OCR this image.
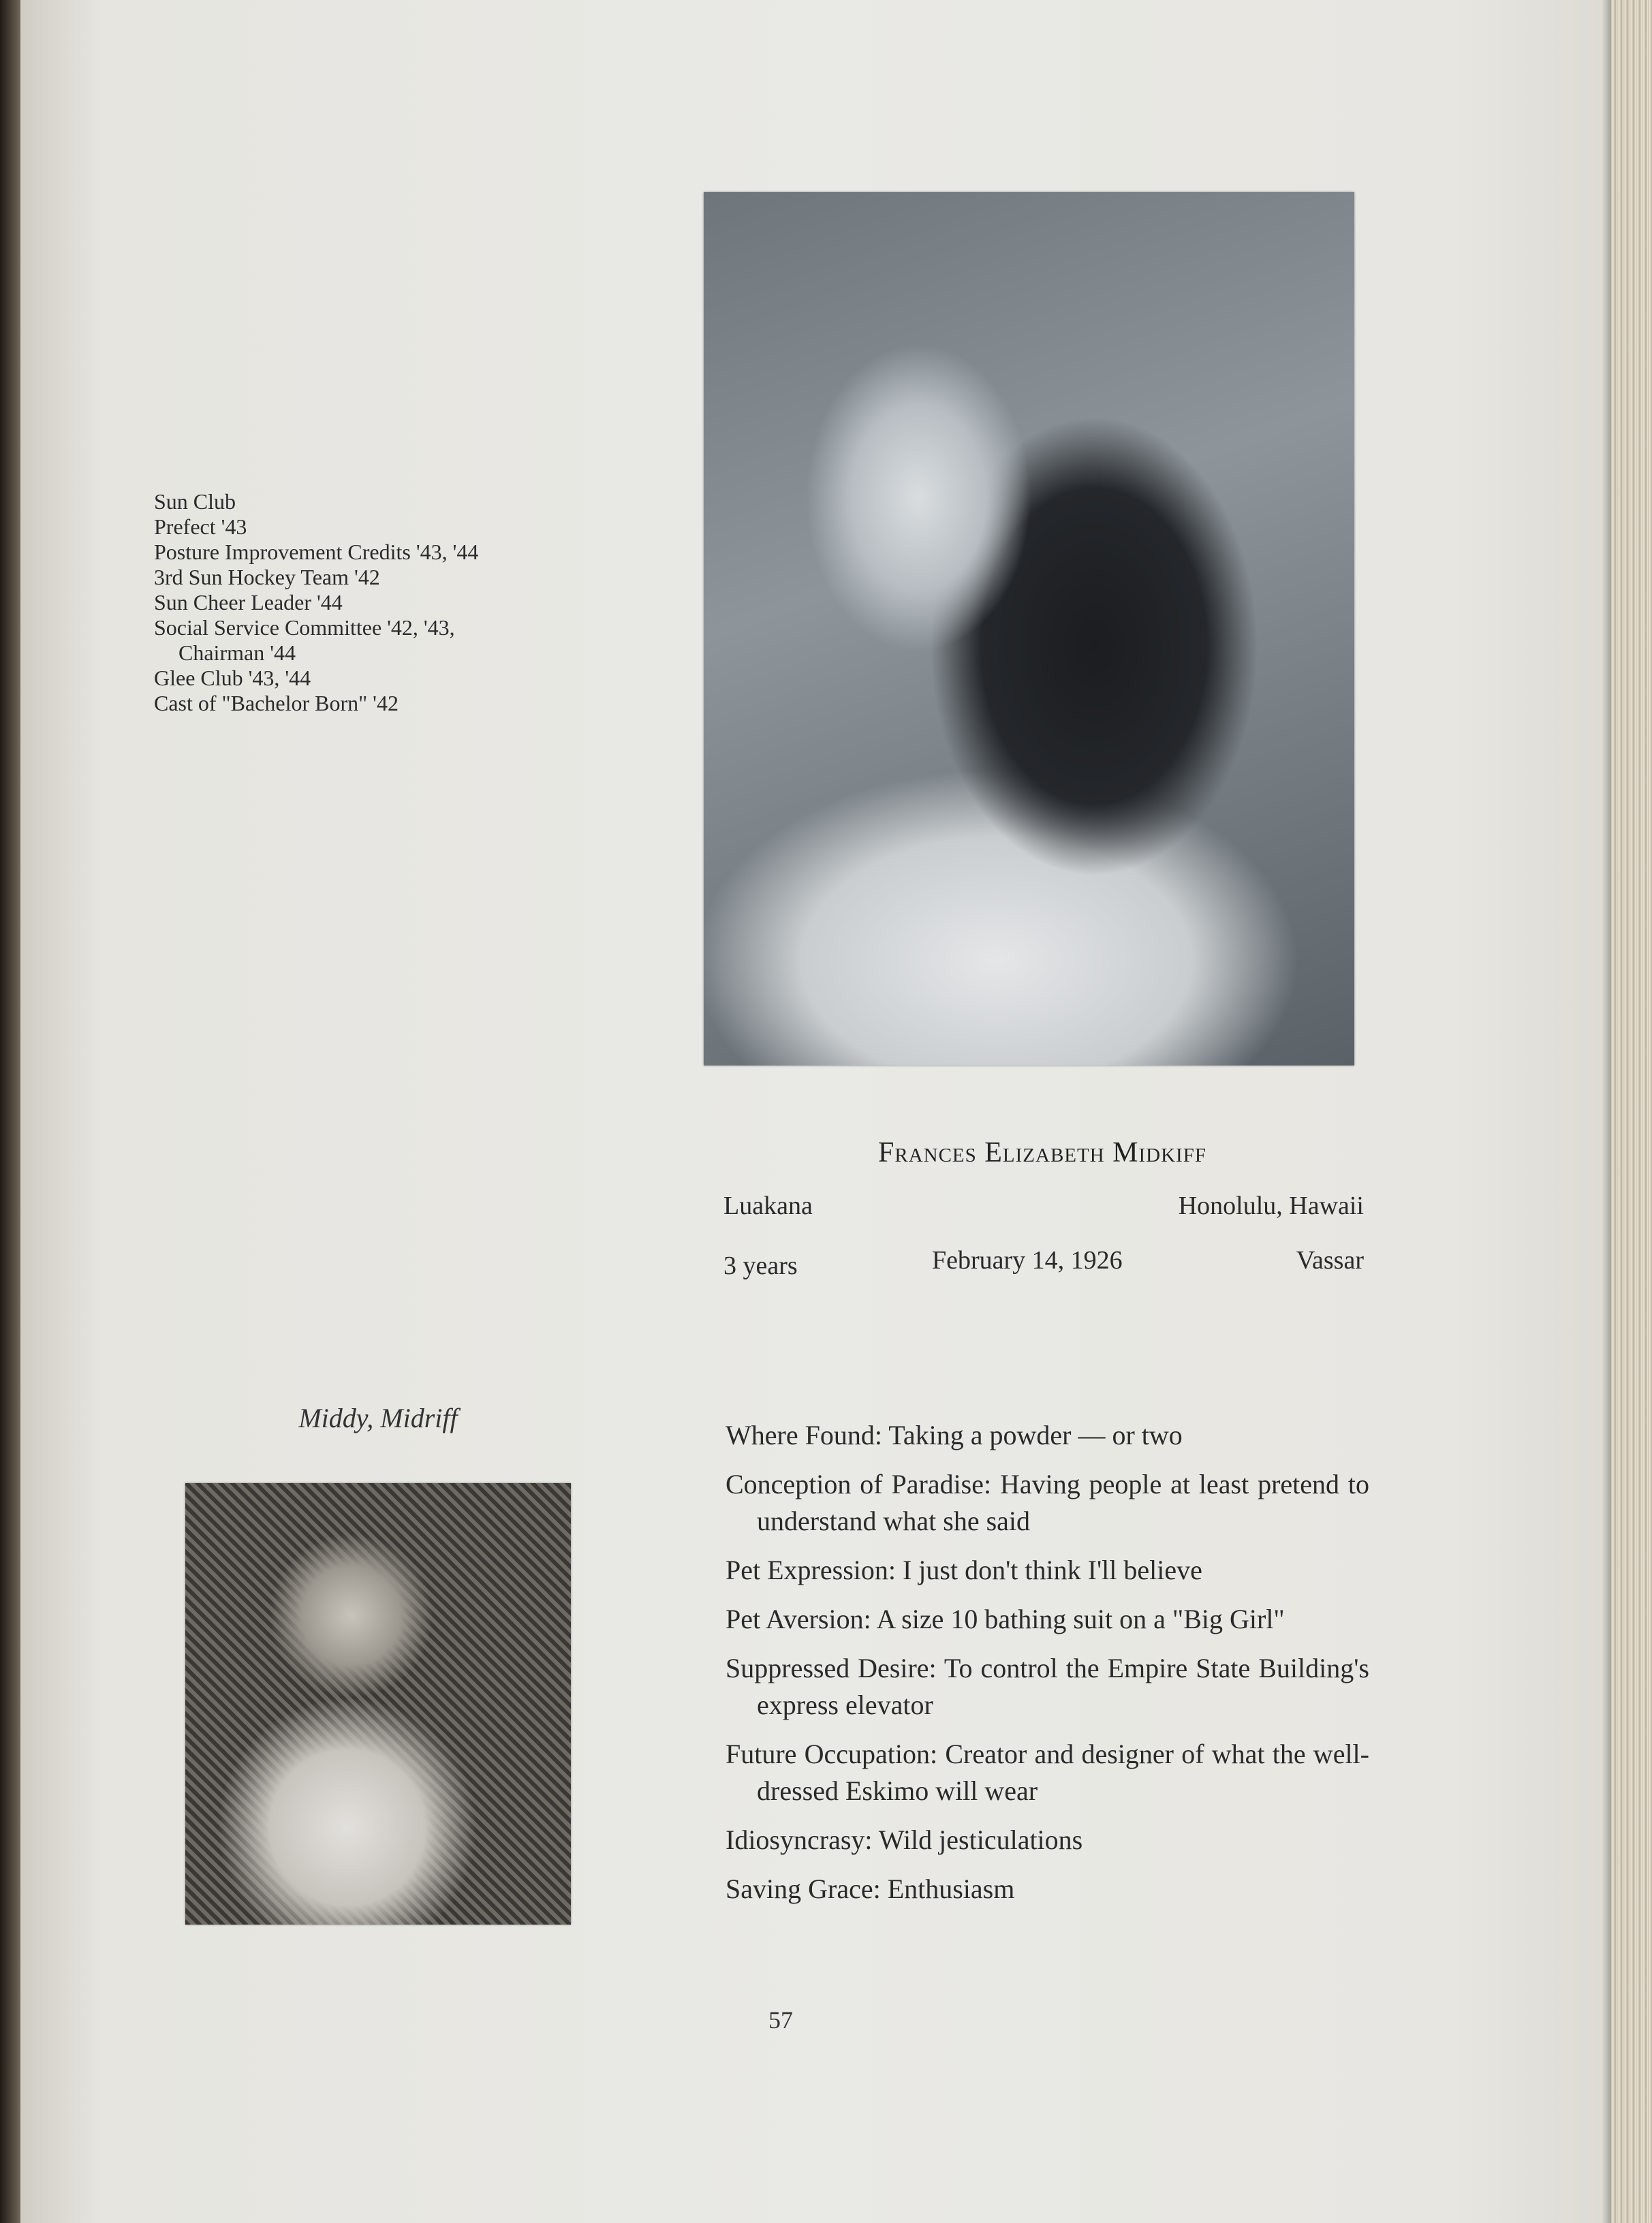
Sun Club
Prefect '43
Posture Improvement Credits '43, '44
3rd Sun Hockey Team '42
Sun Cheer Leader '44
Social Service Committee '42, '43,
Chairman '44
Glee Club '43, '44
Cast of "Bachelor Born" '42
Frances Elizabeth Midkiff
Luakana	Honolulu, Hawaii
3 years	February 14, 1926	Vassar
Middy, Midriff
Where Found: Taking a powder — or two
Conception of Paradise: Having people at least pretend to understand what she said
Pet Expression: I just don't think I'll believe
Pet Aversion: A size 10 bathing suit on a "Big Girl"
Suppressed Desire: To control the Empire State Building's express elevator
Future Occupation: Creator and designer of what the well-dressed Eskimo will wear
Idiosyncrasy: Wild jesticulations
Saving Grace: Enthusiasm
57
